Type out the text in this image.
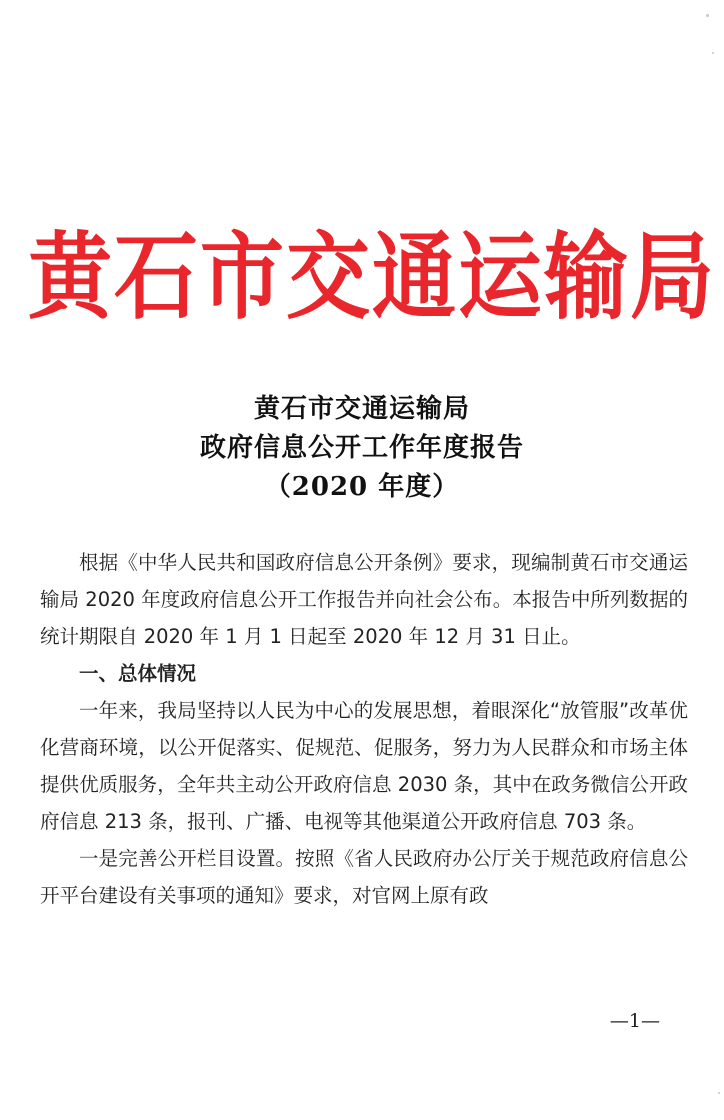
黄石市交通运输局
黄石市交通运输局
政府信息公开工作年度报告
（2020 年度）

根据《中华人民共和国政府信息公开条例》要求，现编制黄石市交通运输局 2020 年度政府信息公开工作报告并向社会公布。本报告中所列数据的统计期限自 2020 年 1 月 1 日起至 2020 年 12 月 31 日止。

一、总体情况

一年来，我局坚持以人民为中心的发展思想，着眼深化“放管服”改革优化营商环境，以公开促落实、促规范、促服务，努力为人民群众和市场主体提供优质服务，全年共主动公开政府信息 2030 条，其中在政务微信公开政府信息 213 条，报刊、广播、电视等其他渠道公开政府信息 703 条。

一是完善公开栏目设置。按照《省人民政府办公厅关于规范政府信息公开平台建设有关事项的通知》要求，对官网上原有政

—1—
